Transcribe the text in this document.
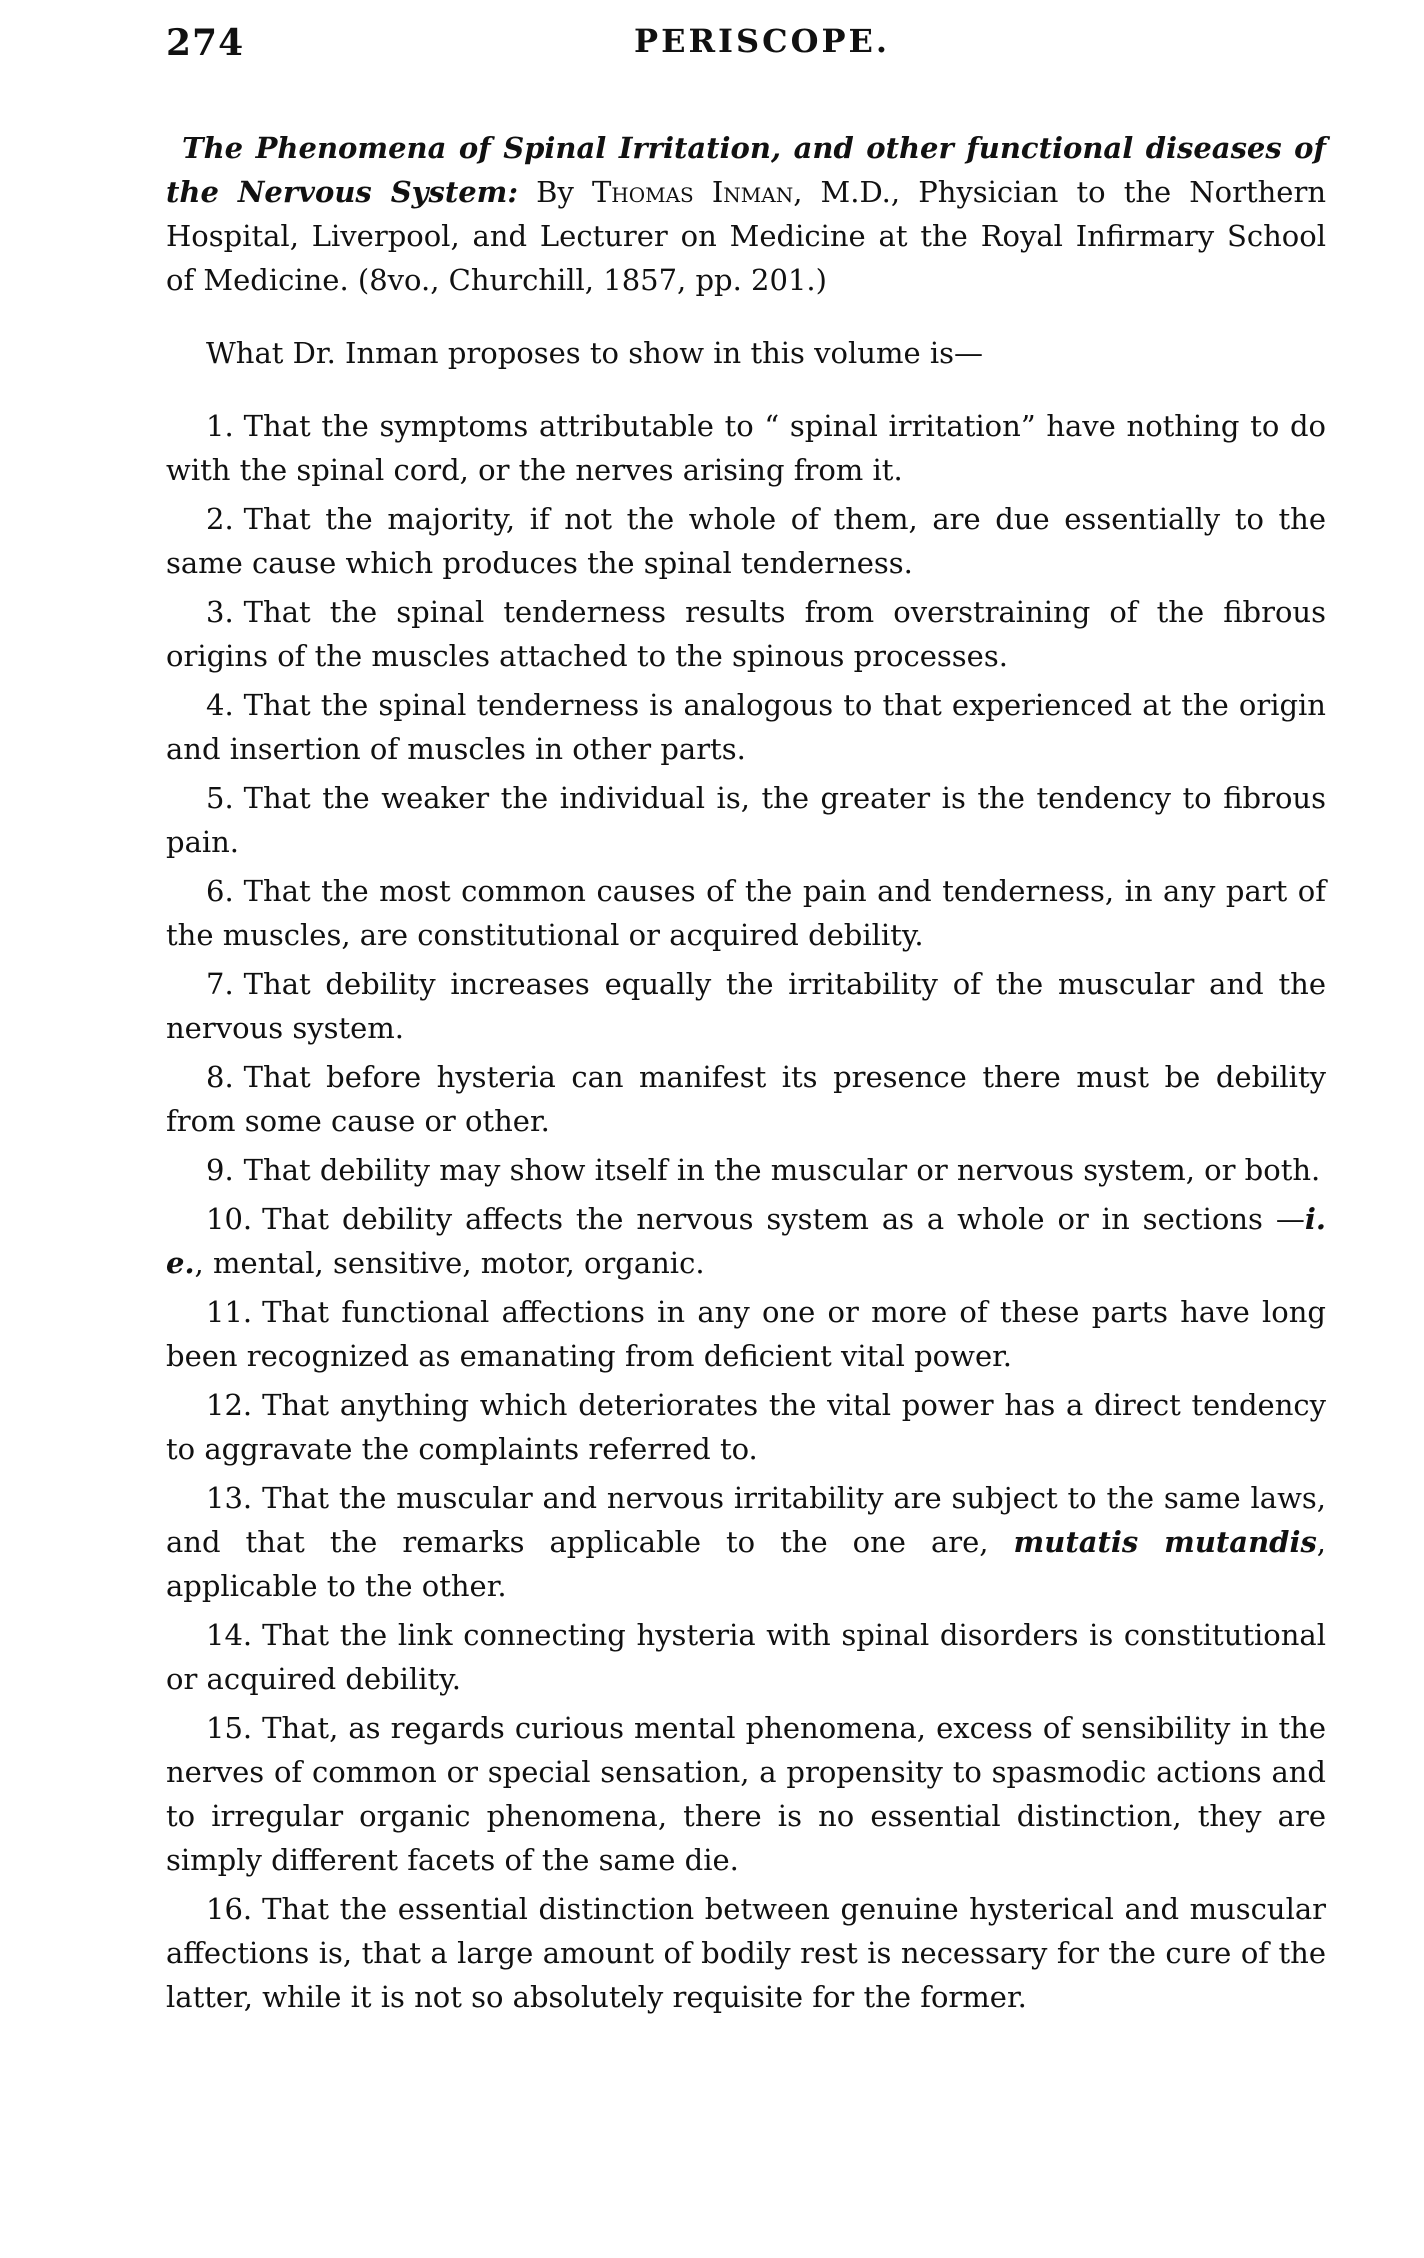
274	PERISCOPE.

The Phenomena of Spinal Irritation, and other functional diseases of the Nervous System: By Thomas Inman, M.D., Physician to the Northern Hospital, Liverpool, and Lecturer on Medicine at the Royal Infirmary School of Medicine. (8vo., Churchill, 1857, pp. 201.)

What Dr. Inman proposes to show in this volume is—

1. That the symptoms attributable to “ spinal irritation” have nothing to do with the spinal cord, or the nerves arising from it.
2. That the majority, if not the whole of them, are due essentially to the same cause which produces the spinal tenderness.
3. That the spinal tenderness results from overstraining of the fibrous origins of the muscles attached to the spinous processes.
4. That the spinal tenderness is analogous to that experienced at the origin and insertion of muscles in other parts.
5. That the weaker the individual is, the greater is the tendency to fibrous pain.
6. That the most common causes of the pain and tenderness, in any part of the muscles, are constitutional or acquired debility.
7. That debility increases equally the irritability of the muscular and the nervous system.
8. That before hysteria can manifest its presence there must be debility from some cause or other.
9. That debility may show itself in the muscular or nervous system, or both.
10. That debility affects the nervous system as a whole or in sections —i. e., mental, sensitive, motor, organic.
11. That functional affections in any one or more of these parts have long been recognized as emanating from deficient vital power.
12. That anything which deteriorates the vital power has a direct tendency to aggravate the complaints referred to.
13. That the muscular and nervous irritability are subject to the same laws, and that the remarks applicable to the one are, mutatis mutandis, applicable to the other.
14. That the link connecting hysteria with spinal disorders is constitutional or acquired debility.
15. That, as regards curious mental phenomena, excess of sensibility in the nerves of common or special sensation, a propensity to spasmodic actions and to irregular organic phenomena, there is no essential distinction, they are simply different facets of the same die.
16. That the essential distinction between genuine hysterical and muscular affections is, that a large amount of bodily rest is necessary for the cure of the latter, while it is not so absolutely requisite for the former.
